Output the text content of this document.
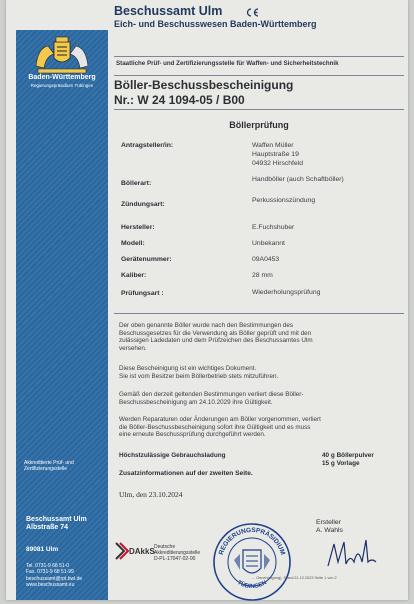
Baden-Württemberg
Regierungspräsidium Tübingen
Akkreditierte Prüf- und
Zertifizierungsstelle
Beschussamt Ulm
Albstraße 74
89081 Ulm
Tel. 0731-9 68 51-0
Fax. 0731-9 68 51-99
beschussamt@rpt.bwl.de
www.beschussamt.eu
Beschussamt Ulm
Eich- und Beschusswesen Baden-Württemberg
Staatliche Prüf- und Zertifizierungsstelle für Waffen- und Sicherheitstechnik
Böller-Beschussbescheinigung
Nr.: W 24 1094-05 / B00
Böllerprüfung
Antragsteller/in:	Waffen Müller
Hauptstraße 19
04932 Hirschfeld
Böllerart:
Handböller (auch Schaftböller)
Zündungsart:
Perkussionszündung
Hersteller:	E.Fuchshuber
Modell:	Unbekannt
Gerätenummer:	09A0453
Kaliber:	28 mm
Prüfungsart :	Wiederholungsprüfung
Der oben genannte Böller wurde nach den Bestimmungen des
Beschussgesetzes für die Verwendung als Böller geprüft und mit den
zulässigen Ladedaten und dem Prüfzeichen des Beschussamtes Ulm
versehen.
Diese Bescheinigung ist ein wichtiges Dokument.
Sie ist vom Besitzer beim Böllerbetrieb stets mitzuführen.
Gemäß den derzeit geltenden Bestimmungen verliert diese Böller-
Beschussbescheinigung am 24.10.2029 ihre Gültigkeit.
Werden Reparaturen oder Änderungen am Böller vorgenommen, verliert
die Böller-Beschussbescheinigung sofort ihre Gültigkeit und es muss
eine erneute Beschussprüfung durchgeführt werden.
Höchstzulässige Gebrauchsladung	40 g Böllerpulver
15 g Vorlage
Zusatzinformationen auf der zweiten Seite.
Ulm, den 23.10.2024
DAkkS Deutsche
Akkreditierungsstelle
D-PL-17047-02-00
REGIERUNGSPRÄSIDIUM
TÜBINGEN
Ersteller
A. Wahls
... Genehmigung), Stand:21.12.2023 Seite 1 von 2
